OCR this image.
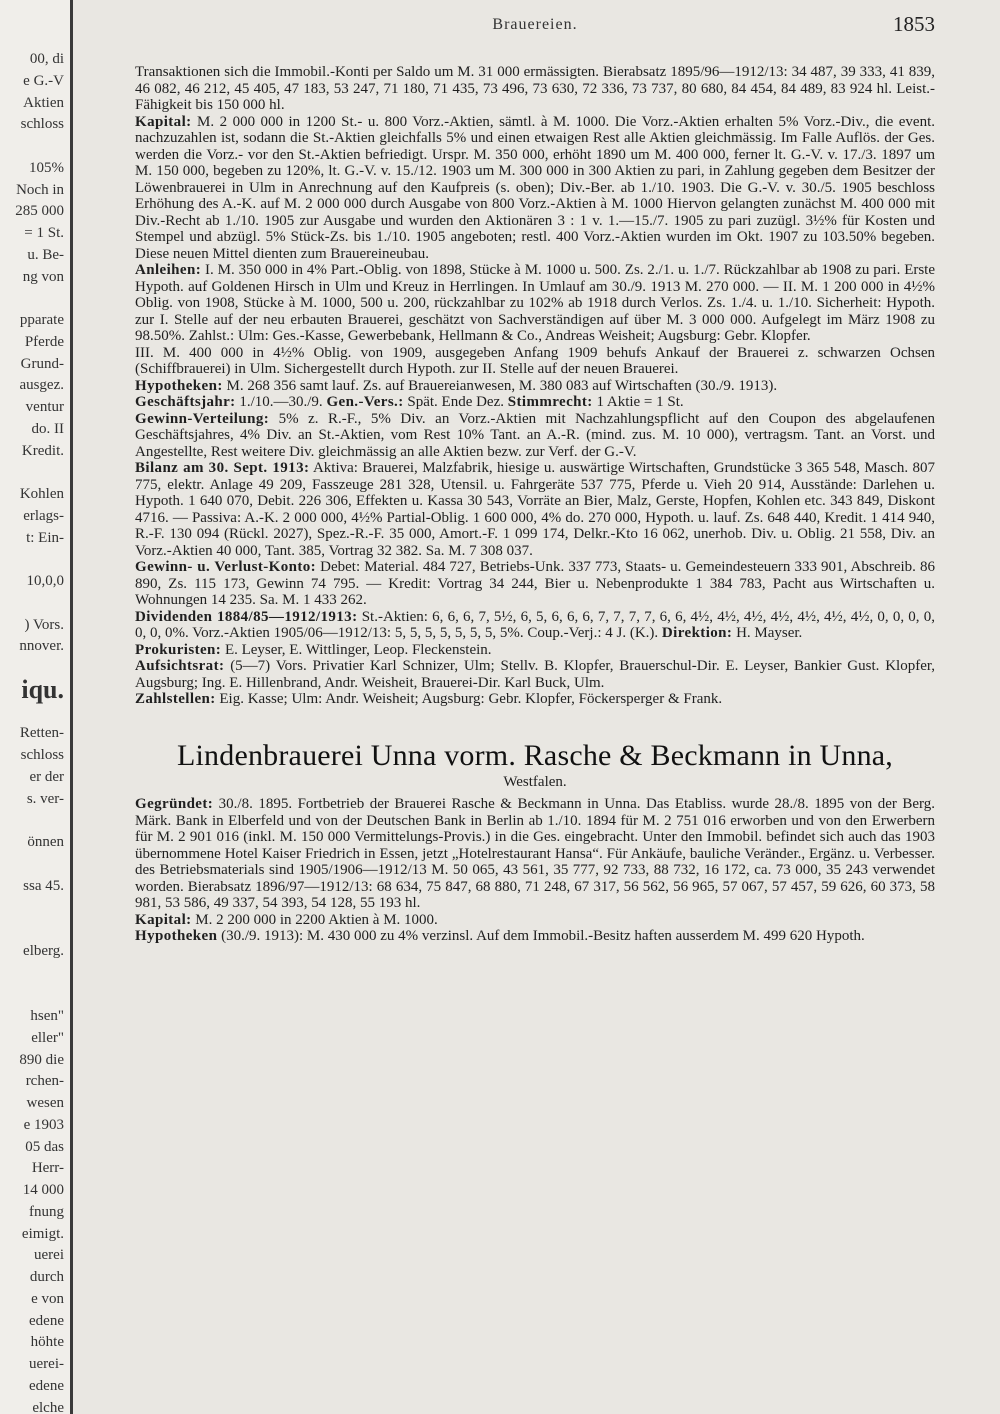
00, di
e G.-V
Aktien
schloss
105%
Noch in
285 000
= 1 St.
u. Be-
ng von
pparate
Pferde
Grund-
ausgez.
ventur
do. II
Kredit.
Kohlen
erlags-
t: Ein-
10,0,0
) Vors.
nnover.
iqu.
Retten-
schloss
er der
s. ver-
önnen
ssa 45.
elberg.
hsen"
eller"
890 die
rchen-
wesen
e 1903
05 das
Herr-
14 000
fnung
eimigt.
uerei
durch
e von
edene
höhte
uerei-
edene
elche
Brauereien.	1853

Transaktionen sich die Immobil.-Konti per Saldo um M. 31 000 ermässigten. Bierabsatz 1895/96—1912/13: 34 487, 39 333, 41 839, 46 082, 46 212, 45 405, 47 183, 53 247, 71 180, 71 435, 73 496, 73 630, 72 336, 73 737, 80 680, 84 454, 84 489, 83 924 hl. Leist.-Fähigkeit bis 150 000 hl.

Kapital: M. 2 000 000 in 1200 St.- u. 800 Vorz.-Aktien, sämtl. à M. 1000. Die Vorz.-Aktien erhalten 5% Vorz.-Div., die event. nachzuzahlen ist, sodann die St.-Aktien gleichfalls 5% und einen etwaigen Rest alle Aktien gleichmässig. Im Falle Auflös. der Ges. werden die Vorz.- vor den St.-Aktien befriedigt. Urspr. M. 350 000, erhöht 1890 um M. 400 000, ferner lt. G.-V. v. 17./3. 1897 um M. 150 000, begeben zu 120%, lt. G.-V. v. 15./12. 1903 um M. 300 000 in 300 Aktien zu pari, in Zahlung gegeben dem Besitzer der Löwenbrauerei in Ulm in Anrechnung auf den Kaufpreis (s. oben); Div.-Ber. ab 1./10. 1903. Die G.-V. v. 30./5. 1905 beschloss Erhöhung des A.-K. auf M. 2 000 000 durch Ausgabe von 800 Vorz.-Aktien à M. 1000 Hiervon gelangten zunächst M. 400 000 mit Div.-Recht ab 1./10. 1905 zur Ausgabe und wurden den Aktionären 3 : 1 v. 1.—15./7. 1905 zu pari zuzügl. 3½% für Kosten und Stempel und abzügl. 5% Stück-Zs. bis 1./10. 1905 angeboten; restl. 400 Vorz.-Aktien wurden im Okt. 1907 zu 103.50% begeben. Diese neuen Mittel dienten zum Brauereineubau.

Anleihen: I. M. 350 000 in 4% Part.-Oblig. von 1898, Stücke à M. 1000 u. 500. Zs. 2./1. u. 1./7. Rückzahlbar ab 1908 zu pari. Erste Hypoth. auf Goldenen Hirsch in Ulm und Kreuz in Herrlingen. In Umlauf am 30./9. 1913 M. 270 000. — II. M. 1 200 000 in 4½% Oblig. von 1908, Stücke à M. 1000, 500 u. 200, rückzahlbar zu 102% ab 1918 durch Verlos. Zs. 1./4. u. 1./10. Sicherheit: Hypoth. zur I. Stelle auf der neu erbauten Brauerei, geschätzt von Sachverständigen auf über M. 3 000 000. Aufgelegt im März 1908 zu 98.50%. Zahlst.: Ulm: Ges.-Kasse, Gewerbebank, Hellmann & Co., Andreas Weisheit; Augsburg: Gebr. Klopfer.

III. M. 400 000 in 4½% Oblig. von 1909, ausgegeben Anfang 1909 behufs Ankauf der Brauerei z. schwarzen Ochsen (Schiffbrauerei) in Ulm. Sichergestellt durch Hypoth. zur II. Stelle auf der neuen Brauerei.

Hypotheken: M. 268 356 samt lauf. Zs. auf Brauereianwesen, M. 380 083 auf Wirtschaften (30./9. 1913).

Geschäftsjahr: 1./10.—30./9. Gen.-Vers.: Spät. Ende Dez. Stimmrecht: 1 Aktie = 1 St.

Gewinn-Verteilung: 5% z. R.-F., 5% Div. an Vorz.-Aktien mit Nachzahlungspflicht auf den Coupon des abgelaufenen Geschäftsjahres, 4% Div. an St.-Aktien, vom Rest 10% Tant. an A.-R. (mind. zus. M. 10 000), vertragsm. Tant. an Vorst. und Angestellte, Rest weitere Div. gleichmässig an alle Aktien bezw. zur Verf. der G.-V.

Bilanz am 30. Sept. 1913: Aktiva: Brauerei, Malzfabrik, hiesige u. auswärtige Wirtschaften, Grundstücke 3 365 548, Masch. 807 775, elektr. Anlage 49 209, Fasszeuge 281 328, Utensil. u. Fahrgeräte 537 775, Pferde u. Vieh 20 914, Ausstände: Darlehen u. Hypoth. 1 640 070, Debit. 226 306, Effekten u. Kassa 30 543, Vorräte an Bier, Malz, Gerste, Hopfen, Kohlen etc. 343 849, Diskont 4716. — Passiva: A.-K. 2 000 000, 4½% Partial-Oblig. 1 600 000, 4% do. 270 000, Hypoth. u. lauf. Zs. 648 440, Kredit. 1 414 940, R.-F. 130 094 (Rückl. 2027), Spez.-R.-F. 35 000, Amort.-F. 1 099 174, Delkr.-Kto 16 062, unerhob. Div. u. Oblig. 21 558, Div. an Vorz.-Aktien 40 000, Tant. 385, Vortrag 32 382. Sa. M. 7 308 037.

Gewinn- u. Verlust-Konto: Debet: Material. 484 727, Betriebs-Unk. 337 773, Staats- u. Gemeindesteuern 333 901, Abschreib. 86 890, Zs. 115 173, Gewinn 74 795. — Kredit: Vortrag 34 244, Bier u. Nebenprodukte 1 384 783, Pacht aus Wirtschaften u. Wohnungen 14 235. Sa. M. 1 433 262.

Dividenden 1884/85—1912/1913: St.-Aktien: 6, 6, 6, 7, 5½, 6, 5, 6, 6, 6, 7, 7, 7, 7, 6, 6, 4½, 4½, 4½, 4½, 4½, 4½, 4½, 0, 0, 0, 0, 0, 0, 0%. Vorz.-Aktien 1905/06—1912/13: 5, 5, 5, 5, 5, 5, 5, 5%. Coup.-Verj.: 4 J. (K.). Direktion: H. Mayser.

Prokuristen: E. Leyser, E. Wittlinger, Leop. Fleckenstein.

Aufsichtsrat: (5—7) Vors. Privatier Karl Schnizer, Ulm; Stellv. B. Klopfer, Brauerschul-Dir. E. Leyser, Bankier Gust. Klopfer, Augsburg; Ing. E. Hillenbrand, Andr. Weisheit, Brauerei-Dir. Karl Buck, Ulm.

Zahlstellen: Eig. Kasse; Ulm: Andr. Weisheit; Augsburg: Gebr. Klopfer, Föckersperger & Frank.

Lindenbrauerei Unna vorm. Rasche & Beckmann in Unna,
Westfalen.

Gegründet: 30./8. 1895. Fortbetrieb der Brauerei Rasche & Beckmann in Unna. Das Etabliss. wurde 28./8. 1895 von der Berg. Märk. Bank in Elberfeld und von der Deutschen Bank in Berlin ab 1./10. 1894 für M. 2 751 016 erworben und von den Erwerbern für M. 2 901 016 (inkl. M. 150 000 Vermittelungs-Provis.) in die Ges. eingebracht. Unter den Immobil. befindet sich auch das 1903 übernommene Hotel Kaiser Friedrich in Essen, jetzt „Hotelrestaurant Hansa“. Für Ankäufe, bauliche Veränder., Ergänz. u. Verbesser. des Betriebsmaterials sind 1905/1906—1912/13 M. 50 065, 43 561, 35 777, 92 733, 88 732, 16 172, ca. 73 000, 35 243 verwendet worden. Bierabsatz 1896/97—1912/13: 68 634, 75 847, 68 880, 71 248, 67 317, 56 562, 56 965, 57 067, 57 457, 59 626, 60 373, 58 981, 53 586, 49 337, 54 393, 54 128, 55 193 hl.

Kapital: M. 2 200 000 in 2200 Aktien à M. 1000.

Hypotheken (30./9. 1913): M. 430 000 zu 4% verzinsl. Auf dem Immobil.-Besitz haften ausserdem M. 499 620 Hypoth.
